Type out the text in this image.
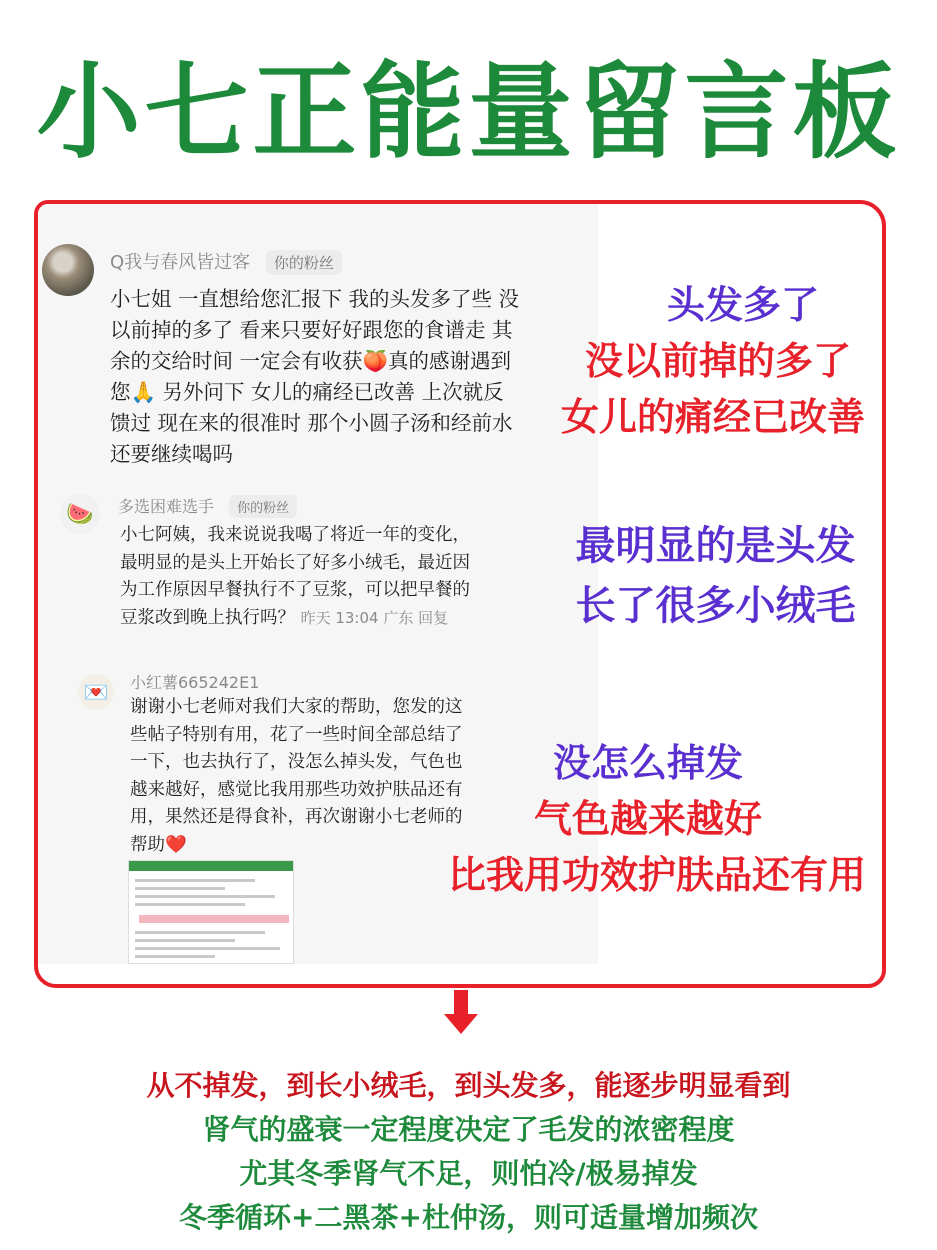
小七正能量留言板
Q我与春风皆过客 你的粉丝
小七姐 一直想给您汇报下 我的头发多了些 没以前掉的多了 看来只要好好跟您的食谱走 其余的交给时间 一定会有收获🍑真的感谢遇到您🙏 另外问下 女儿的痛经已改善 上次就反馈过 现在来的很准时 那个小圆子汤和经前水还要继续喝吗
🍉	多选困难选手 你的粉丝
小七阿姨，我来说说我喝了将近一年的变化，最明显的是头上开始长了好多小绒毛，最近因为工作原因早餐执行不了豆浆，可以把早餐的豆浆改到晚上执行吗？ 昨天 13:04 广东 回复
💌	小红薯665242E1
谢谢小七老师对我们大家的帮助，您发的这些帖子特别有用，花了一些时间全部总结了一下，也去执行了，没怎么掉头发，气色也越来越好，感觉比我用那些功效护肤品还有用，果然还是得食补，再次谢谢小七老师的帮助❤️
头发多了
没以前掉的多了
女儿的痛经已改善
最明显的是头发
长了很多小绒毛
没怎么掉发
气色越来越好
比我用功效护肤品还有用
从不掉发，到长小绒毛，到头发多，能逐步明显看到
肾气的盛衰一定程度决定了毛发的浓密程度
尤其冬季肾气不足，则怕冷/极易掉发
冬季循环+二黑茶+杜仲汤，则可适量增加频次
